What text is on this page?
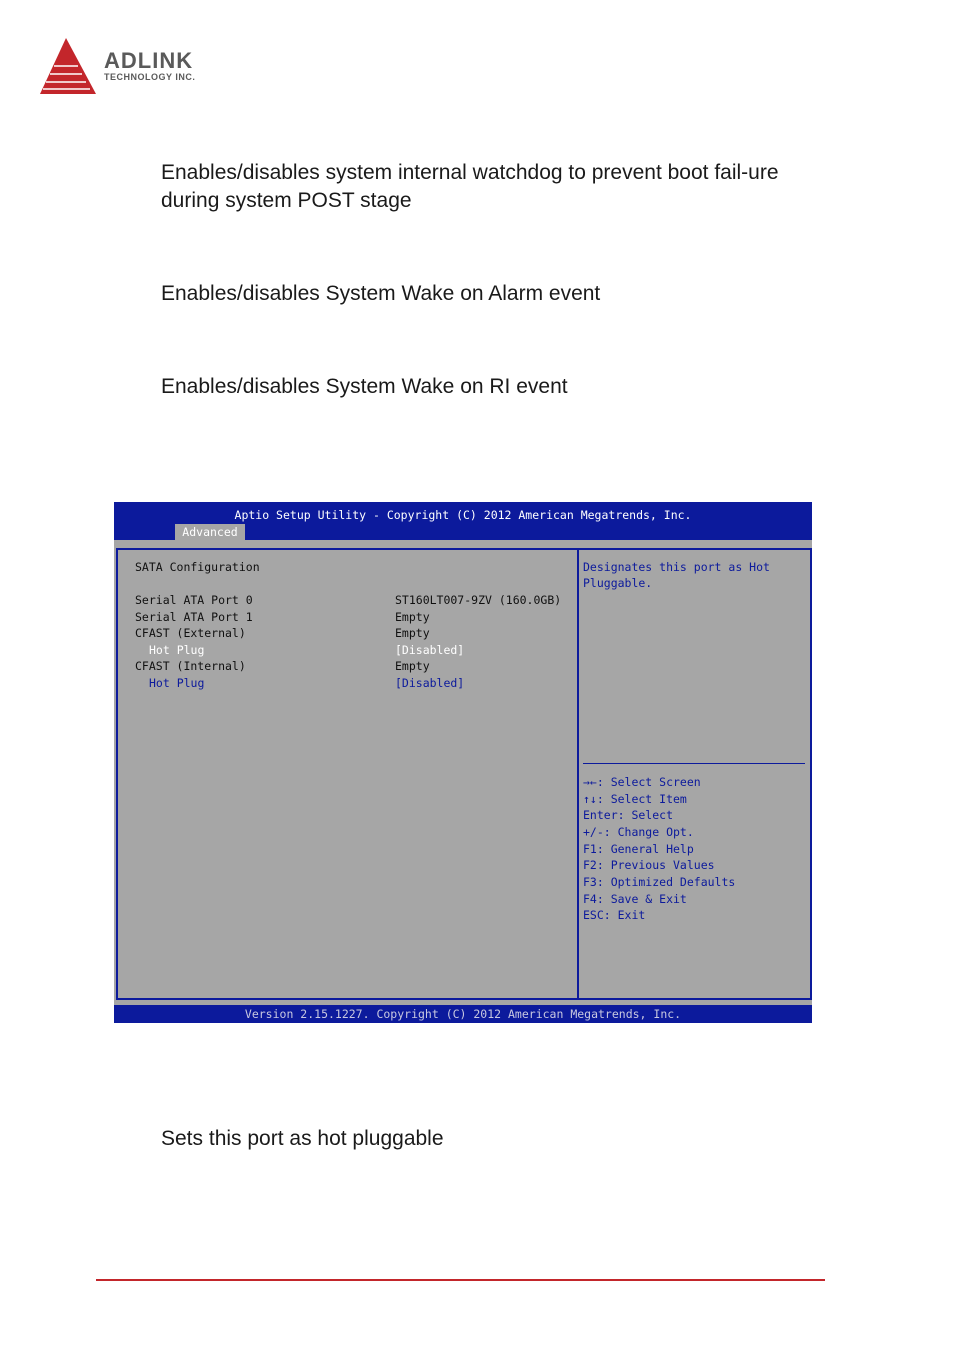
ADLINK
TECHNOLOGY INC.
Enables/disables system internal watchdog to prevent boot fail-ure during system POST stage
Enables/disables System Wake on Alarm event
Enables/disables System Wake on RI event
Aptio Setup Utility - Copyright (C) 2012 American Megatrends, Inc.
Advanced
SATA Configuration
Serial ATA Port 0	ST160LT007-9ZV (160.0GB)
Serial ATA Port 1	Empty
CFAST (External)	Empty
Hot Plug	[Disabled]
CFAST (Internal)	Empty
Hot Plug	[Disabled]
Designates this port as Hot
Pluggable.
→←: Select Screen
↑↓: Select Item
Enter: Select
+/-: Change Opt.
F1: General Help
F2: Previous Values
F3: Optimized Defaults
F4: Save & Exit
ESC: Exit
Version 2.15.1227. Copyright (C) 2012 American Megatrends, Inc.
Sets this port as hot pluggable
